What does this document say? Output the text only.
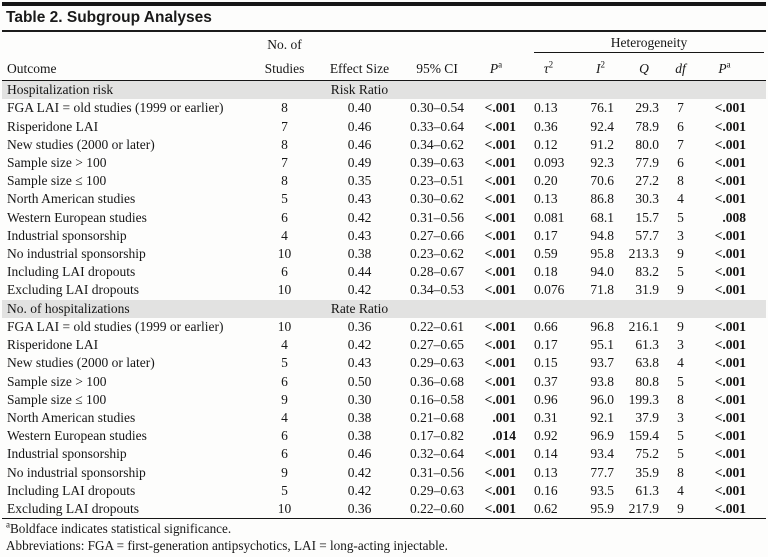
Table 2. Subgroup Analyses
	No. of				Heterogeneity				

Outcome	Studies	Effect Size	95% CI	$P^a$	$\tau^2$	$I^2$	Q	df	$P^a$
Hospitalization risk		Risk Ratio							
FGA LAI = old studies (1999 or earlier)	8	0.40	0.30–0.54	<.001	0.13	76.1	29.3	7	<.001
Risperidone LAI	7	0.46	0.33–0.64	<.001	0.36	92.4	78.9	6	<.001
New studies (2000 or later)	8	0.46	0.34–0.62	<.001	0.12	91.2	80.0	7	<.001
Sample size > 100	7	0.49	0.39–0.63	<.001	0.093	92.3	77.9	6	<.001
Sample size ≤ 100	8	0.35	0.23–0.51	<.001	0.20	70.6	27.2	8	<.001
North American studies	5	0.43	0.30–0.62	<.001	0.13	86.8	30.3	4	<.001
Western European studies	6	0.42	0.31–0.56	<.001	0.081	68.1	15.7	5	.008
Industrial sponsorship	4	0.43	0.27–0.66	<.001	0.17	94.8	57.7	3	<.001
No industrial sponsorship	10	0.38	0.23–0.62	<.001	0.59	95.8	213.3	9	<.001
Including LAI dropouts	6	0.44	0.28–0.67	<.001	0.18	94.0	83.2	5	<.001
Excluding LAI dropouts	10	0.42	0.34–0.53	<.001	0.076	71.8	31.9	9	<.001
No. of hospitalizations		Rate Ratio							
FGA LAI = old studies (1999 or earlier)	10	0.36	0.22–0.61	<.001	0.66	96.8	216.1	9	<.001
Risperidone LAI	4	0.42	0.27–0.65	<.001	0.17	95.1	61.3	3	<.001
New studies (2000 or later)	5	0.43	0.29–0.63	<.001	0.15	93.7	63.8	4	<.001
Sample size > 100	6	0.50	0.36–0.68	<.001	0.37	93.8	80.8	5	<.001
Sample size ≤ 100	9	0.30	0.16–0.58	<.001	0.96	96.0	199.3	8	<.001
North American studies	4	0.38	0.21–0.68	.001	0.31	92.1	37.9	3	<.001
Western European studies	6	0.38	0.17–0.82	.014	0.92	96.9	159.4	5	<.001
Industrial sponsorship	6	0.46	0.32–0.64	<.001	0.14	93.4	75.2	5	<.001
No industrial sponsorship	9	0.42	0.31–0.56	<.001	0.13	77.7	35.9	8	<.001
Including LAI dropouts	5	0.42	0.29–0.63	<.001	0.16	93.5	61.3	4	<.001
Excluding LAI dropouts	10	0.36	0.22–0.60	<.001	0.62	95.9	217.9	9	<.001
$^a$Boldface indicates statistical significance.
Abbreviations: FGA = first-generation antipsychotics, LAI = long-acting injectable.
